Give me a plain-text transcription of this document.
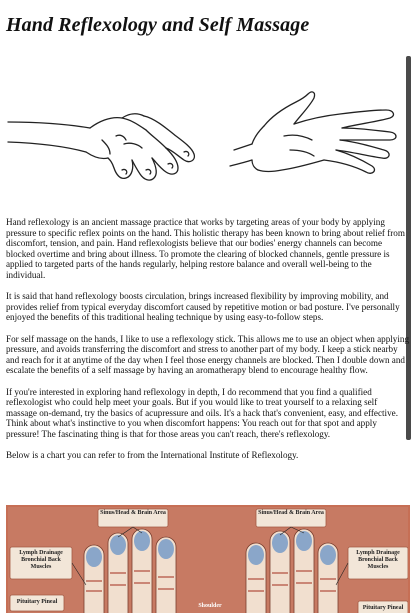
Hand Reflexology and Self Massage

Hand reflexology is an ancient massage practice that works by targeting areas of your body by applying pressure to specific reflex points on the hand. This holistic therapy has been known to bring about relief from discomfort, tension, and pain. Hand reflexologists believe that our bodies' energy channels can become blocked overtime and bring about illness. To promote the clearing of blocked channels, gentle pressure is applied to targeted parts of the hands regularly, helping restore balance and overall well-being to the individual.

It is said that hand reflexology boosts circulation, brings increased flexibility by improving mobility, and provides relief from typical everyday discomfort caused by repetitive motion or bad posture. I've personally enjoyed the benefits of this traditional healing technique by using easy-to-follow steps.

For self massage on the hands, I like to use a reflexology stick. This allows me to use an object when applying pressure, and avoids transferring the discomfort and stress to another part of my body. I keep a stick nearby and reach for it at anytime of the day when I feel those energy channels are blocked. Then I double down and escalate the benefits of a self massage by having an aromatherapy blend to encourage healthy flow.

If you're interested in exploring hand reflexology in depth, I do recommend that you find a qualified reflexologist who could help meet your goals. But if you would like to treat yourself to a relaxing self massage on-demand, try the basics of acupressure and oils. It's a hack that's convenient, easy, and effective. Think about what's instinctive to you when discomfort happens: You reach out for that spot and apply pressure! The fascinating thing is that for those areas you can't reach, there's reflexology.

Below is a chart you can refer to from the International Institute of Reflexology.

Sinus/Head & Brain Area	Sinus/Head & Brain Area
Lymph Drainage Bronchial Back Muscles
Lymph Drainage Bronchial Back Muscles
Pituitary Pineal
Pituitary Pineal
Shoulder
